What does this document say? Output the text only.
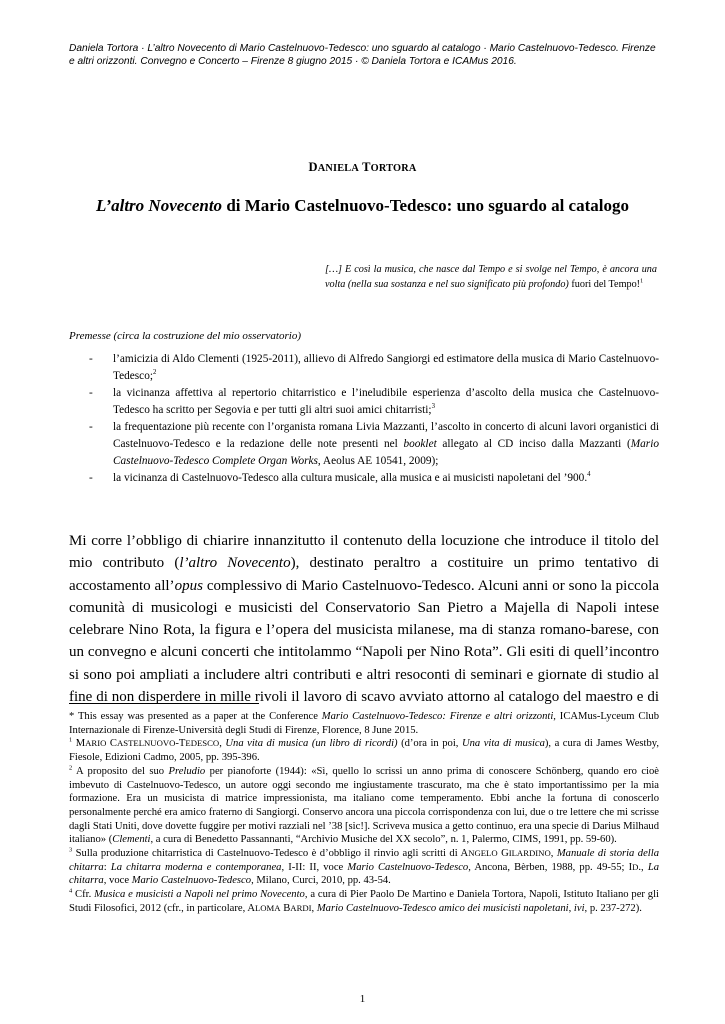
Daniela Tortora · L’altro Novecento di Mario Castelnuovo-Tedesco: uno sguardo al catalogo · Mario Castelnuovo-Tedesco. Firenze e altri orizzonti. Convegno e Concerto – Firenze 8 giugno 2015 · © Daniela Tortora e ICAMus 2016.
DANIELA TORTORA
L’altro Novecento di Mario Castelnuovo-Tedesco: uno sguardo al catalogo
[…] E così la musica, che nasce dal Tempo e si svolge nel Tempo, è ancora una volta (nella sua sostanza e nel suo significato più profondo) fuori del Tempo!$^1$
Premesse (circa la costruzione del mio osservatorio)
- l’amicizia di Aldo Clementi (1925-2011), allievo di Alfredo Sangiorgi ed estimatore della musica di Mario Castelnuovo-Tedesco;$^2$
- la vicinanza affettiva al repertorio chitarristico e l’ineludibile esperienza d’ascolto della musica che Castelnuovo-Tedesco ha scritto per Segovia e per tutti gli altri suoi amici chitarristi;$^3$
- la frequentazione più recente con l’organista romana Livia Mazzanti, l’ascolto in concerto di alcuni lavori organistici di Castelnuovo-Tedesco e la redazione delle note presenti nel booklet allegato al CD inciso dalla Mazzanti (Mario Castelnuovo-Tedesco Complete Organ Works, Aeolus AE 10541, 2009);
- la vicinanza di Castelnuovo-Tedesco alla cultura musicale, alla musica e ai musicisti napoletani del ’900.$^4$

Mi corre l’obbligo di chiarire innanzitutto il contenuto della locuzione che introduce il titolo del mio contributo (l’altro Novecento), destinato peraltro a costituire un primo tentativo di accostamento all’opus complessivo di Mario Castelnuovo-Tedesco. Alcuni anni or sono la piccola comunità di musicologi e musicisti del Conservatorio San Pietro a Majella di Napoli intese celebrare Nino Rota, la figura e l’opera del musicista milanese, ma di stanza romano-barese, con un convegno e alcuni concerti che intitolammo “Napoli per Nino Rota”. Gli esiti di quell’incontro si sono poi ampliati a includere altri contributi e altri resoconti di seminari e giornate di studio al fine di non disperdere in mille rivoli il lavoro di scavo avviato attorno al catalogo del maestro e di

* This essay was presented as a paper at the Conference Mario Castelnuovo-Tedesco: Firenze e altri orizzonti, ICAMus-Lyceum Club Internazionale di Firenze-Università degli Studi di Firenze, Florence, 8 June 2015.

$^1$ MARIO CASTELNUOVO-TEDESCO, Una vita di musica (un libro di ricordi) (d’ora in poi, Una vita di musica), a cura di James Westby, Fiesole, Edizioni Cadmo, 2005, pp. 395-396.

$^2$ A proposito del suo Preludio per pianoforte (1944): «Sì, quello lo scrissi un anno prima di conoscere Schönberg, quando ero cioè imbevuto di Castelnuovo-Tedesco, un autore oggi secondo me ingiustamente trascurato, ma che è stato importantissimo per la mia formazione. Era un musicista di matrice impressionista, ma italiano come temperamento. Ebbi anche la fortuna di conoscerlo personalmente perché era amico fraterno di Sangiorgi. Conservo ancora una piccola corrispondenza con lui, due o tre lettere che mi scrisse dagli Stati Uniti, dove dovette fuggire per motivi razziali nel ’38 [sic!]. Scriveva musica a getto continuo, era una specie di Darius Milhaud italiano» (Clementi, a cura di Benedetto Passannanti, “Archivio Musiche del XX secolo”, n. 1, Palermo, CIMS, 1991, pp. 59-60).

$^3$ Sulla produzione chitarristica di Castelnuovo-Tedesco è d’obbligo il rinvio agli scritti di ANGELO GILARDINO, Manuale di storia della chitarra: La chitarra moderna e contemporanea, I-II: II, voce Mario Castelnuovo-Tedesco, Ancona, Bèrben, 1988, pp. 49-55; ID., La chitarra, voce Mario Castelnuovo-Tedesco, Milano, Curci, 2010, pp. 43-54.

$^4$ Cfr. Musica e musicisti a Napoli nel primo Novecento, a cura di Pier Paolo De Martino e Daniela Tortora, Napoli, Istituto Italiano per gli Studi Filosofici, 2012 (cfr., in particolare, ALOMA BARDI, Mario Castelnuovo-Tedesco amico dei musicisti napoletani, ivi, p. 237-272).

1
